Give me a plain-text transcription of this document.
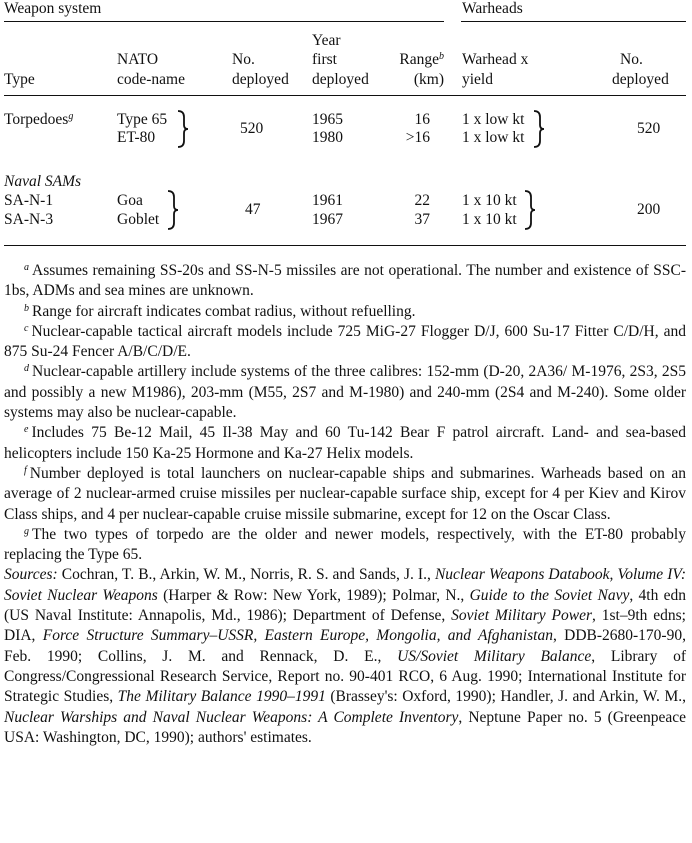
Weapon system	Warheads
Type
NATO
code-name
No.
deployed
Year
first
deployed
Range$^b$
(km)
Warhead x
yield
No.
deployed
Torpedoes$^g$	Type 65
ET-80
520
1965
1980
16
>16
1 x low kt
1 x low kt
520
Naval SAMs
SA-N-1
SA-N-3
Goa
Goblet
47
1961
1967
22
37
1 x 10 kt
1 x 10 kt
200

$^a$ Assumes remaining SS-20s and SS-N-5 missiles are not operational. The number and existence of SSC-1bs, ADMs and sea mines are unknown.

$^b$ Range for aircraft indicates combat radius, without refuelling.

$^c$ Nuclear-capable tactical aircraft models include 725 MiG-27 Flogger D/J, 600 Su-17 Fitter C/D/H, and 875 Su-24 Fencer A/B/C/D/E.

$^d$ Nuclear-capable artillery include systems of the three calibres: 152-mm (D-20, 2A36/ M-1976, 2S3, 2S5 and possibly a new M1986), 203-mm (M55, 2S7 and M-1980) and 240-mm (2S4 and M-240). Some older systems may also be nuclear-capable.

$^e$ Includes 75 Be-12 Mail, 45 Il-38 May and 60 Tu-142 Bear F patrol aircraft. Land- and sea-based helicopters include 150 Ka-25 Hormone and Ka-27 Helix models.

$^f$ Number deployed is total launchers on nuclear-capable ships and submarines. Warheads based on an average of 2 nuclear-armed cruise missiles per nuclear-capable surface ship, except for 4 per Kiev and Kirov Class ships, and 4 per nuclear-capable cruise missile submarine, except for 12 on the Oscar Class.

$^g$ The two types of torpedo are the older and newer models, respectively, with the ET-80 probably replacing the Type 65.

Sources: Cochran, T. B., Arkin, W. M., Norris, R. S. and Sands, J. I., Nuclear Weapons Databook, Volume IV: Soviet Nuclear Weapons (Harper & Row: New York, 1989); Polmar, N., Guide to the Soviet Navy, 4th edn (US Naval Institute: Annapolis, Md., 1986); Department of Defense, Soviet Military Power, 1st–9th edns; DIA, Force Structure Summary–USSR, Eastern Europe, Mongolia, and Afghanistan, DDB-2680-170-90, Feb. 1990; Collins, J. M. and Rennack, D. E., US/Soviet Military Balance, Library of Congress/Congressional Research Service, Report no. 90-401 RCO, 6 Aug. 1990; International Institute for Strategic Studies, The Military Balance 1990–1991 (Brassey's: Oxford, 1990); Handler, J. and Arkin, W. M., Nuclear Warships and Naval Nuclear Weapons: A Complete Inventory, Neptune Paper no. 5 (Greenpeace USA: Washington, DC, 1990); authors' estimates.
